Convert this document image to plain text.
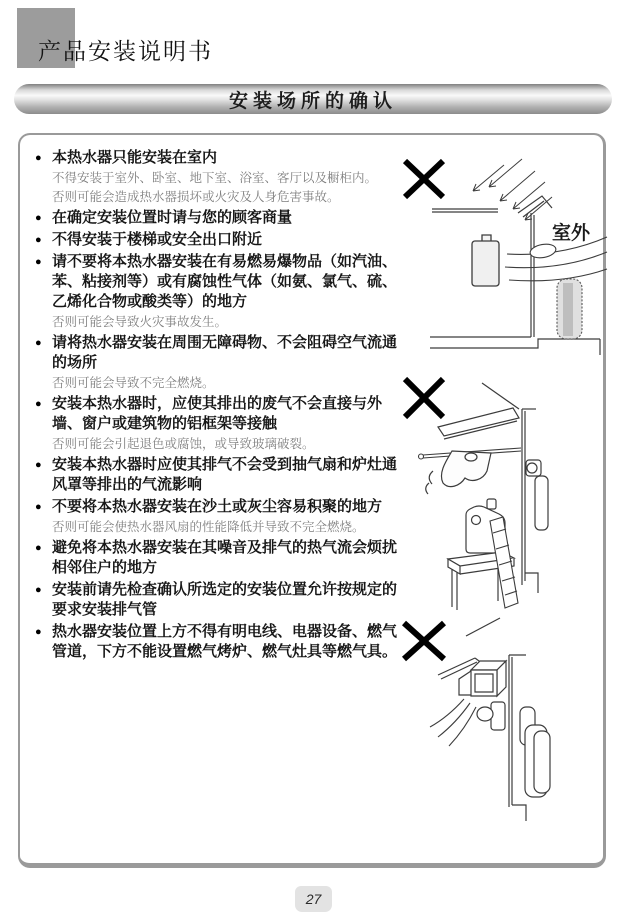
产品安装说明书
安装场所的确认
● 本热水器只能安装在室内
不得安装于室外、卧室、地下室、浴室、客厅以及橱柜内。
否则可能会造成热水器损坏或火灾及人身危害事故。
● 在确定安装位置时请与您的顾客商量
● 不得安装于楼梯或安全出口附近
● 请不要将本热水器安装在有易燃易爆物品（如汽油、苯、粘接剂等）或有腐蚀性气体（如氨、氯气、硫、乙烯化合物或酸类等）的地方
否则可能会导致火灾事故发生。
● 请将热水器安装在周围无障碍物、不会阻碍空气流通的场所
否则可能会导致不完全燃烧。
● 安装本热水器时，应使其排出的废气不会直接与外墙、窗户或建筑物的铝框架等接触
否则可能会引起退色或腐蚀，或导致玻璃破裂。
● 安装本热水器时应使其排气不会受到抽气扇和炉灶通风罩等排出的气流影响
● 不要将本热水器安装在沙土或灰尘容易积聚的地方
否则可能会使热水器风扇的性能降低并导致不完全燃烧。
● 避免将本热水器安装在其噪音及排气的热气流会烦扰相邻住户的地方
● 安装前请先检查确认所选定的安装位置允许按规定的要求安装排气管
● 热水器安装位置上方不得有明电线、电器设备、燃气管道，下方不能设置燃气烤炉、燃气灶具等燃气具。
室外
27
